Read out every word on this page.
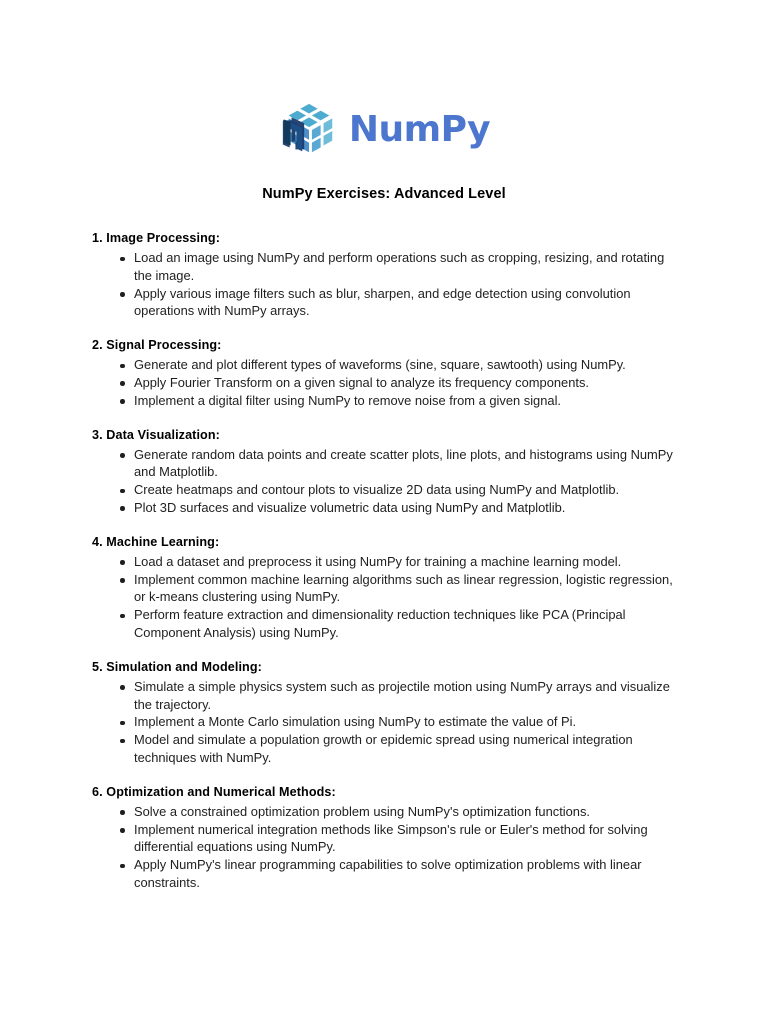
NumPy
NumPy Exercises: Advanced Level
1. Image Processing:
Load an image using NumPy and perform operations such as cropping, resizing, and rotating the image.
Apply various image filters such as blur, sharpen, and edge detection using convolution operations with NumPy arrays.
2. Signal Processing:
Generate and plot different types of waveforms (sine, square, sawtooth) using NumPy.
Apply Fourier Transform on a given signal to analyze its frequency components.
Implement a digital filter using NumPy to remove noise from a given signal.
3. Data Visualization:
Generate random data points and create scatter plots, line plots, and histograms using NumPy and Matplotlib.
Create heatmaps and contour plots to visualize 2D data using NumPy and Matplotlib.
Plot 3D surfaces and visualize volumetric data using NumPy and Matplotlib.
4. Machine Learning:
Load a dataset and preprocess it using NumPy for training a machine learning model.
Implement common machine learning algorithms such as linear regression, logistic regression, or k-means clustering using NumPy.
Perform feature extraction and dimensionality reduction techniques like PCA (Principal Component Analysis) using NumPy.
5. Simulation and Modeling:
Simulate a simple physics system such as projectile motion using NumPy arrays and visualize the trajectory.
Implement a Monte Carlo simulation using NumPy to estimate the value of Pi.
Model and simulate a population growth or epidemic spread using numerical integration techniques with NumPy.
6. Optimization and Numerical Methods:
Solve a constrained optimization problem using NumPy's optimization functions.
Implement numerical integration methods like Simpson's rule or Euler's method for solving differential equations using NumPy.
Apply NumPy's linear programming capabilities to solve optimization problems with linear constraints.
